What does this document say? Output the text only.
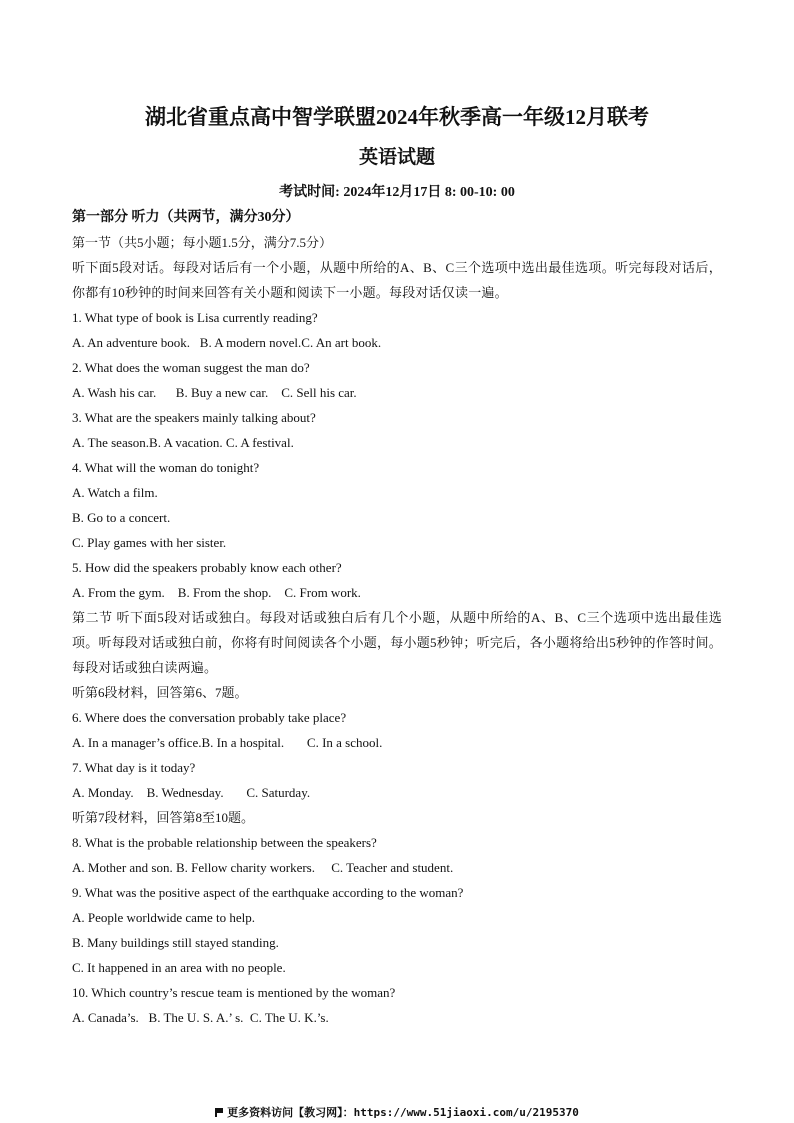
湖北省重点高中智学联盟2024年秋季高一年级12月联考

英语试题

考试时间: 2024年12月17日 8: 00-10: 00

第一部分 听力（共两节，满分30分）

第一节（共5小题；每小题1.5分，满分7.5分）

听下面5段对话。每段对话后有一个小题，从题中所给的A、B、C三个选项中选出最佳选项。听完每段对话后，你都有10秒钟的时间来回答有关小题和阅读下一小题。每段对话仅读一遍。

1. What type of book is Lisa currently reading?

A. An adventure book.   B. A modern novel.C. An art book.

2. What does the woman suggest the man do?

A. Wash his car.      B. Buy a new car.    C. Sell his car.

3. What are the speakers mainly talking about?

A. The season.B. A vacation. C. A festival.

4. What will the woman do tonight?

A. Watch a film.

B. Go to a concert.

C. Play games with her sister.

5. How did the speakers probably know each other?

A. From the gym.    B. From the shop.    C. From work.

第二节 听下面5段对话或独白。每段对话或独白后有几个小题，从题中所给的A、B、C三个选项中选出最佳选项。听每段对话或独白前，你将有时间阅读各个小题，每小题5秒钟；听完后，各小题将给出5秒钟的作答时间。每段对话或独白读两遍。

听第6段材料，回答第6、7题。

6. Where does the conversation probably take place?

A. In a manager’s office.B. In a hospital.       C. In a school.

7. What day is it today?

A. Monday.    B. Wednesday.       C. Saturday.

听第7段材料，回答第8至10题。

8. What is the probable relationship between the speakers?

A. Mother and son. B. Fellow charity workers.     C. Teacher and student.

9. What was the positive aspect of the earthquake according to the woman?

A. People worldwide came to help.

B. Many buildings still stayed standing.

C. It happened in an area with no people.

10. Which country’s rescue team is mentioned by the woman?

A. Canada’s.   B. The U. S. A.’ s.  C. The U. K.’s.

更多资料访问【教习网】：https://www.51jiaoxi.com/u/2195370
